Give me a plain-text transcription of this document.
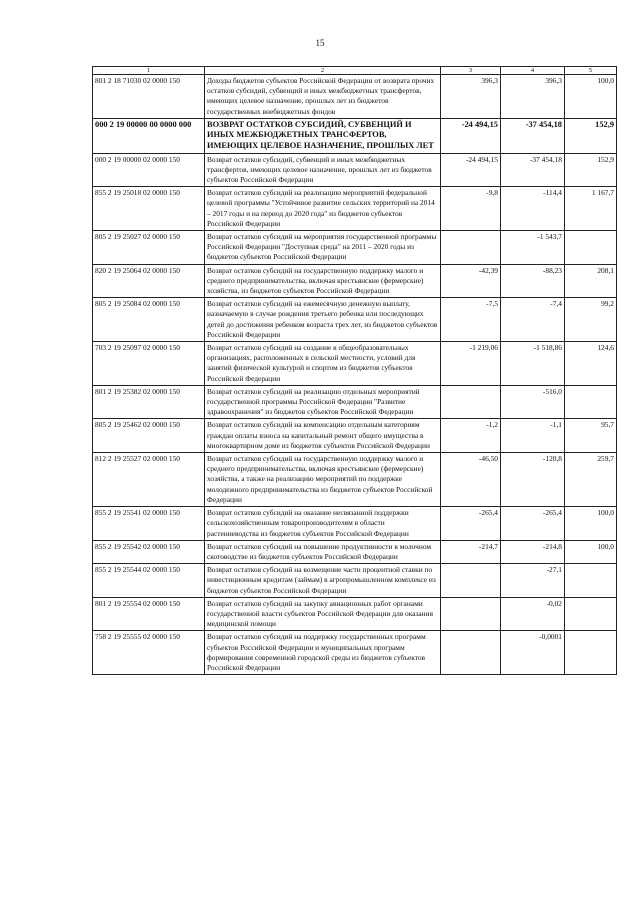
15
1	2	3	4	5
801 2 18 71030 02 0000 150	Доходы бюджетов субъектов Российской Федерации от возврата прочих остатков субсидий, субвенций и иных межбюджетных трансфертов, имеющих целевое назначение, прошлых лет из бюджетов государственных внебюджетных фондов	396,3	396,3	100,0
000 2 19 00000 00 0000 000	ВОЗВРАТ ОСТАТКОВ СУБСИДИЙ, СУБВЕНЦИЙ И ИНЫХ МЕЖБЮДЖЕТНЫХ ТРАНСФЕРТОВ, ИМЕЮЩИХ ЦЕЛЕВОЕ НАЗНАЧЕНИЕ, ПРОШЛЫХ ЛЕТ	-24 494,15	-37 454,18	152,9
000 2 19 00000 02 0000 150	Возврат остатков субсидий, субвенций и иных межбюджетных трансфертов, имеющих целевое назначение, прошлых лет из бюджетов субъектов Российской Федерации	-24 494,15	-37 454,18	152,9
855 2 19 25018 02 0000 150	Возврат остатков субсидий на реализацию мероприятий федеральной целевой программы "Устойчивое развитие сельских территорий на 2014 – 2017 годы и на период до 2020 года" из бюджетов субъектов Российской Федерации	-9,8	-114,4	1 167,7
805 2 19 25027 02 0000 150	Возврат остатков субсидий на мероприятия государственной программы Российской Федерации "Доступная среда" на 2011 – 2020 годы из бюджетов субъектов Российской Федерации		-1 543,7	
820 2 19 25064 02 0000 150	Возврат остатков субсидий на государственную поддержку малого и среднего предпринимательства, включая крестьянские (фермерские) хозяйства, из бюджетов субъектов Российской Федерации	-42,39	-88,23	208,1
805 2 19 25084 02 0000 150	Возврат остатков субсидий на ежемесячную денежную выплату, назначаемую в случае рождения третьего ребенка или последующих детей до достижения ребенком возраста трех лет, из бюджетов субъектов Российской Федерации	-7,5	-7,4	99,2
703 2 19 25097 02 0000 150	Возврат остатков субсидий на создание в общеобразовательных организациях, расположенных в сельской местности, условий для занятий физической культурой и спортом из бюджетов субъектов Российской Федерации	-1 219,06	-1 518,86	124,6
801 2 19 25382 02 0000 150	Возврат остатков субсидий на реализацию отдельных мероприятий государственной программы Российской Федерации "Развитие здравоохранения" из бюджетов субъектов Российской Федерации		-516,0	
805 2 19 25462 02 0000 150	Возврат остатков субсидий на компенсацию отдельным категориям граждан оплаты взноса на капитальный ремонт общего имущества в многоквартирном доме из бюджетов субъектов Российской Федерации	-1,2	-1,1	95,7
812 2 19 25527 02 0000 150	Возврат остатков субсидий на государственную поддержку малого и среднего предпринимательства, включая крестьянские (фермерские) хозяйства, а также на реализацию мероприятий по поддержке молодежного предпринимательства из бюджетов субъектов Российской Федерации	-46,50	-120,8	259,7
855 2 19 25541 02 0000 150	Возврат остатков субсидий на оказание несвязанной поддержки сельскохозяйственным товаропроизводителям в области растениеводства из бюджетов субъектов Российской Федерации	-265,4	-265,4	100,0
855 2 19 25542 02 0000 150	Возврат остатков субсидий на повышение продуктивности в молочном скотоводстве из бюджетов субъектов Российской Федерации	-214,7	-214,8	100,0
855 2 19 25544 02 0000 150	Возврат остатков субсидий на возмещение части процентной ставки по инвестиционным кредитам (займам) в агропромышленном комплексе из бюджетов субъектов Российской Федерации		-27,1	
801 2 19 25554 02 0000 150	Возврат остатков субсидий на закупку авиационных работ органами государственной власти субъектов Российской Федерации для оказания медицинской помощи		-0,02	
758 2 19 25555 02 0000 150	Возврат остатков субсидий на поддержку государственных программ субъектов Российской Федерации и муниципальных программ формирования современной городской среды из бюджетов субъектов Российской Федерации		-0,0001	
